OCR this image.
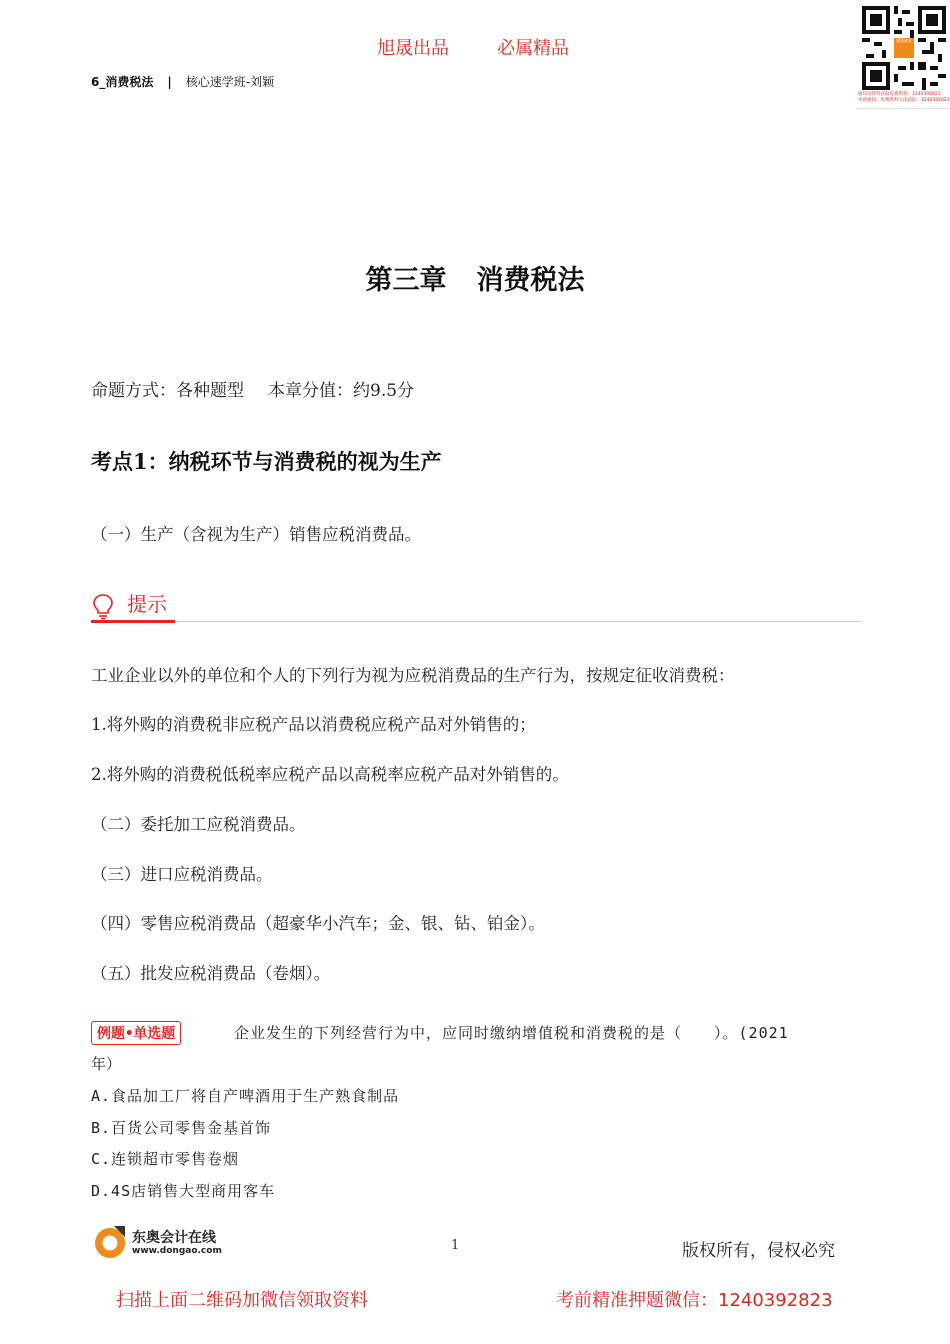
旭晟出品	必属精品
6_消费税法 | 核心速学班-刘颖
旭晟教育
通知送资料获取免费资料：1240392823
更新通知，免费资料无法获取：1240392823
第三章 消费税法
命题方式：各种题型 本章分值：约9.5分
考点1：纳税环节与消费税的视为生产
（一）生产（含视为生产）销售应税消费品。
提示
工业企业以外的单位和个人的下列行为视为应税消费品的生产行为，按规定征收消费税：
1.将外购的消费税非应税产品以消费税应税产品对外销售的；
2.将外购的消费税低税率应税产品以高税率应税产品对外销售的。
（二）委托加工应税消费品。
（三）进口应税消费品。
（四）零售应税消费品（超豪华小汽车；金、银、钻、铂金）。
（五）批发应税消费品（卷烟）。
例题•单选题	企业发生的下列经营行为中，应同时缴纳增值税和消费税的是（　　）。(2021
年）
A.食品加工厂将自产啤酒用于生产熟食制品
B.百货公司零售金基首饰
C.连锁超市零售卷烟
D.4S店销售大型商用客车
东奥会计在线
www.dongao.com	1	版权所有，侵权必究
扫描上面二维码加微信领取资料	考前精准押题微信：1240392823
